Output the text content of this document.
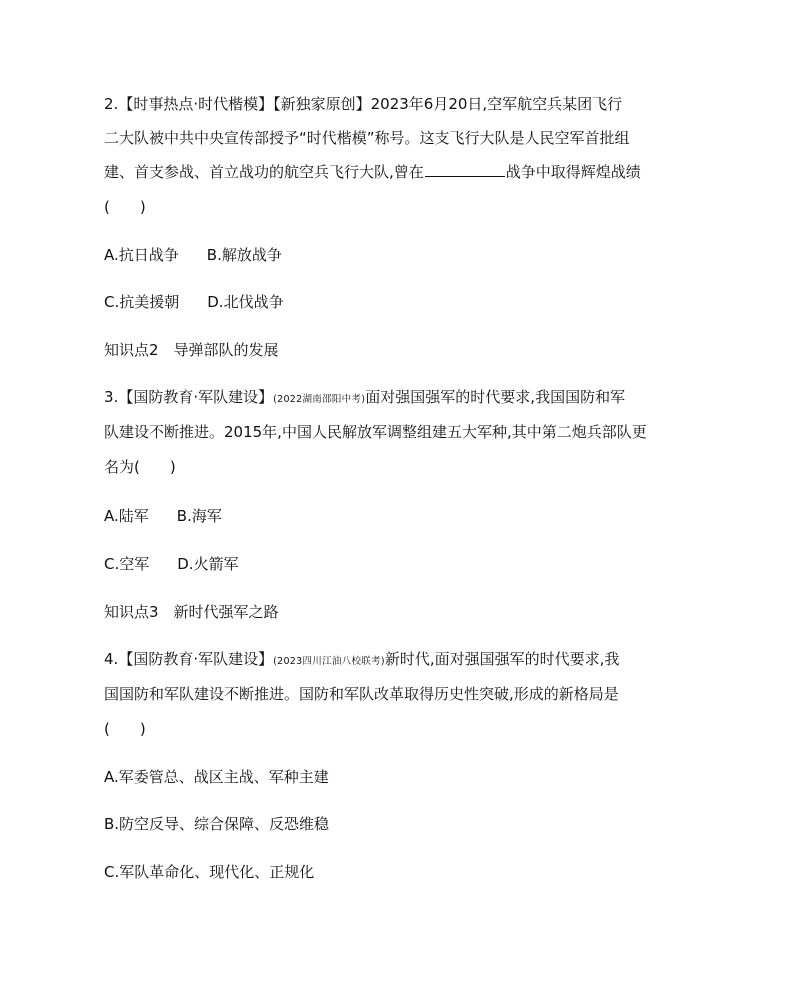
2.【时事热点·时代楷模】【新独家原创】2023年6月20日,空军航空兵某团飞行
二大队被中共中央宣传部授予“时代楷模”称号。这支飞行大队是人民空军首批组
建、首支参战、首立战功的航空兵飞行大队,曾在	战争中取得辉煌战绩
(　　)
A.抗日战争 B.解放战争
C.抗美援朝 D.北伐战争
知识点2　导弹部队的发展
3.【国防教育·军队建设】(2022湖南邵阳中考)面对强国强军的时代要求,我国国防和军
队建设不断推进。2015年,中国人民解放军调整组建五大军种,其中第二炮兵部队更
名为(　　)
A.陆军 B.海军
C.空军 D.火箭军
知识点3　新时代强军之路
4.【国防教育·军队建设】(2023四川江油八校联考)新时代,面对强国强军的时代要求,我
国国防和军队建设不断推进。国防和军队改革取得历史性突破,形成的新格局是
(　　)
A.军委管总、战区主战、军种主建
B.防空反导、综合保障、反恐维稳
C.军队革命化、现代化、正规化
